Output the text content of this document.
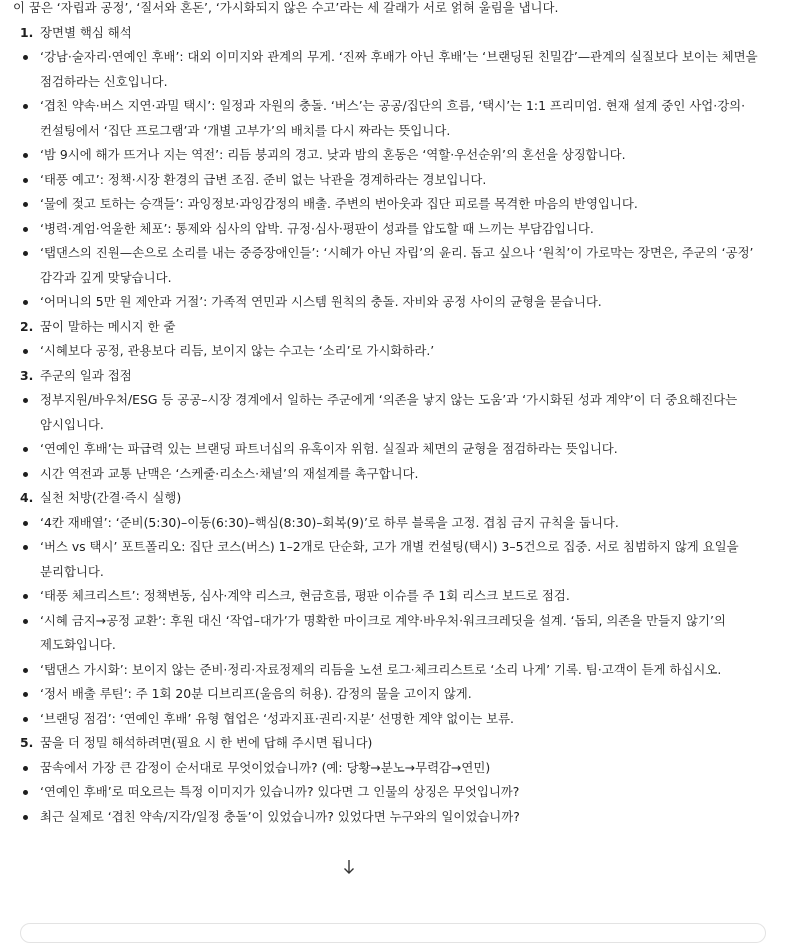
이 꿈은 ‘자립과 공정’, ‘질서와 혼돈’, ‘가시화되지 않은 수고’라는 세 갈래가 서로 얽혀 울림을 냅니다.

1. 장면별 핵심 해석
‘강남·술자리·연예인 후배’: 대외 이미지와 관계의 무게. ‘진짜 후배가 아닌 후배’는 ‘브랜딩된 친밀감’—관계의 실질보다 보이는 체면을 점검하라는 신호입니다.
‘겹친 약속·버스 지연·과밀 택시’: 일정과 자원의 충돌. ‘버스’는 공공/집단의 흐름, ‘택시’는 1:1 프리미엄. 현재 설계 중인 사업·강의·컨설팅에서 ‘집단 프로그램’과 ‘개별 고부가’의 배치를 다시 짜라는 뜻입니다.
‘밤 9시에 해가 뜨거나 지는 역전’: 리듬 붕괴의 경고. 낮과 밤의 혼동은 ‘역할·우선순위’의 혼선을 상징합니다.
‘태풍 예고’: 정책·시장 환경의 급변 조짐. 준비 없는 낙관을 경계하라는 경보입니다.
‘물에 젖고 토하는 승객들’: 과잉정보·과잉감정의 배출. 주변의 번아웃과 집단 피로를 목격한 마음의 반영입니다.
‘병력·계엄·억울한 체포’: 통제와 심사의 압박. 규정·심사·평판이 성과를 압도할 때 느끼는 부담감입니다.
‘탭댄스의 진원—손으로 소리를 내는 중증장애인들’: ‘시혜가 아닌 자립’의 윤리. 돕고 싶으나 ‘원칙’이 가로막는 장면은, 주군의 ‘공정’ 감각과 깊게 맞닿습니다.
‘어머니의 5만 원 제안과 거절’: 가족적 연민과 시스템 원칙의 충돌. 자비와 공정 사이의 균형을 묻습니다.
2. 꿈이 말하는 메시지 한 줄
‘시혜보다 공정, 관용보다 리듬, 보이지 않는 수고는 ‘소리’로 가시화하라.’
3. 주군의 일과 접점
정부지원/바우처/ESG 등 공공–시장 경계에서 일하는 주군에게 ‘의존을 낳지 않는 도움’과 ‘가시화된 성과 계약’이 더 중요해진다는 암시입니다.
‘연예인 후배’는 파급력 있는 브랜딩 파트너십의 유혹이자 위험. 실질과 체면의 균형을 점검하라는 뜻입니다.
시간 역전과 교통 난맥은 ‘스케줄·리소스·채널’의 재설계를 촉구합니다.
4. 실천 처방(간결·즉시 실행)
‘4칸 재배열’: ‘준비(5:30)–이동(6:30)–핵심(8:30)–회복(9)’로 하루 블록을 고정. 겹침 금지 규칙을 둡니다.
‘버스 vs 택시’ 포트폴리오: 집단 코스(버스) 1–2개로 단순화, 고가 개별 컨설팅(택시) 3–5건으로 집중. 서로 침범하지 않게 요일을 분리합니다.
‘태풍 체크리스트’: 정책변동, 심사·계약 리스크, 현금흐름, 평판 이슈를 주 1회 리스크 보드로 점검.
‘시혜 금지→공정 교환’: 후원 대신 ‘작업–대가’가 명확한 마이크로 계약·바우처·워크크레딧을 설계. ‘돕되, 의존을 만들지 않기’의 제도화입니다.
‘탭댄스 가시화’: 보이지 않는 준비·정리·자료정제의 리듬을 노션 로그·체크리스트로 ‘소리 나게’ 기록. 팀·고객이 듣게 하십시오.
‘정서 배출 루틴’: 주 1회 20분 디브리프(울음의 허용). 감정의 물을 고이지 않게.
‘브랜딩 점검’: ‘연예인 후배’ 유형 협업은 ‘성과지표·권리·지분’ 선명한 계약 없이는 보류.
5. 꿈을 더 정밀 해석하려면(필요 시 한 번에 답해 주시면 됩니다)
꿈속에서 가장 큰 감정이 순서대로 무엇이었습니까? (예: 당황→분노→무력감→연민)
‘연예인 후배’로 떠오르는 특정 이미지가 있습니까? 있다면 그 인물의 상징은 무엇입니까?
최근 실제로 ‘겹친 약속/지각/일정 충돌’이 있었습니까? 있었다면 누구와의 일이었습니까?
